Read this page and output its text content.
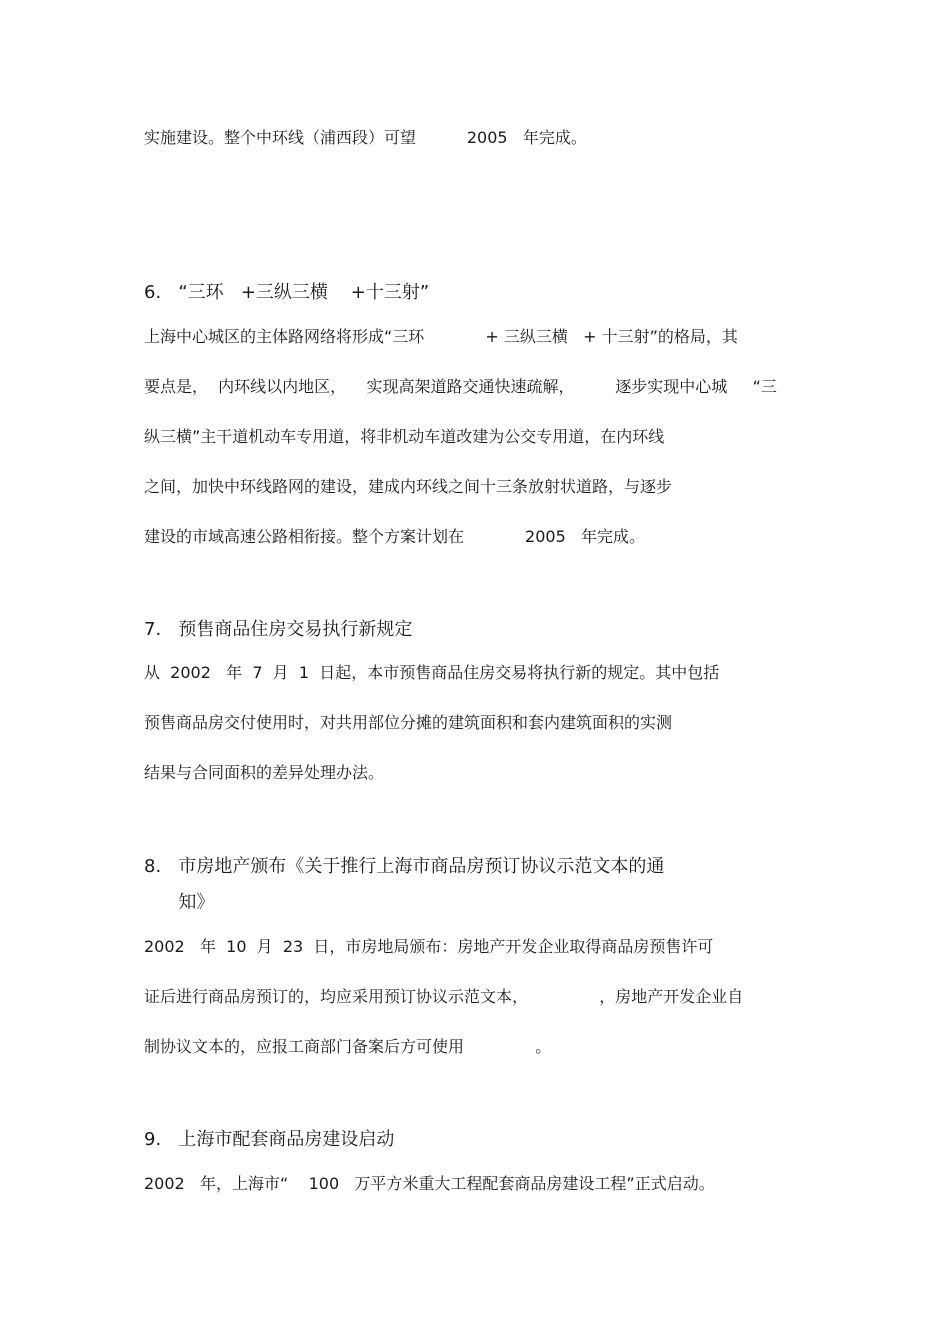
实施建设。整个中环线（浦西段）可望          2005   年完成。
6.   “三环   +三纵三横    +十三射”
上海中心城区的主体路网络将形成“三环            + 三纵三横   + 十三射”的格局，其
要点是，  内环线以内地区，    实现高架道路交通快速疏解，        逐步实现中心城     “三
纵三横”主干道机动车专用道，将非机动车道改建为公交专用道，在内环线
之间，加快中环线路网的建设，建成内环线之间十三条放射状道路，与逐步
建设的市域高速公路相衔接。整个方案计划在            2005   年完成。
7.   预售商品住房交易执行新规定
从  2002   年  7  月  1  日起，本市预售商品住房交易将执行新的规定。其中包括
预售商品房交付使用时，对共用部位分摊的建筑面积和套内建筑面积的实测
结果与合同面积的差异处理办法。
8.   市房地产颁布《关于推行上海市商品房预订协议示范文本的通
知》
2002   年  10  月  23  日，市房地局颁布：房地产开发企业取得商品房预售许可
证后进行商品房预订的，均应采用预订协议示范文本，              ，房地产开发企业自
制协议文本的，应报工商部门备案后方可使用              。
9.   上海市配套商品房建设启动
2002   年，上海市“    100   万平方米重大工程配套商品房建设工程”正式启动。
